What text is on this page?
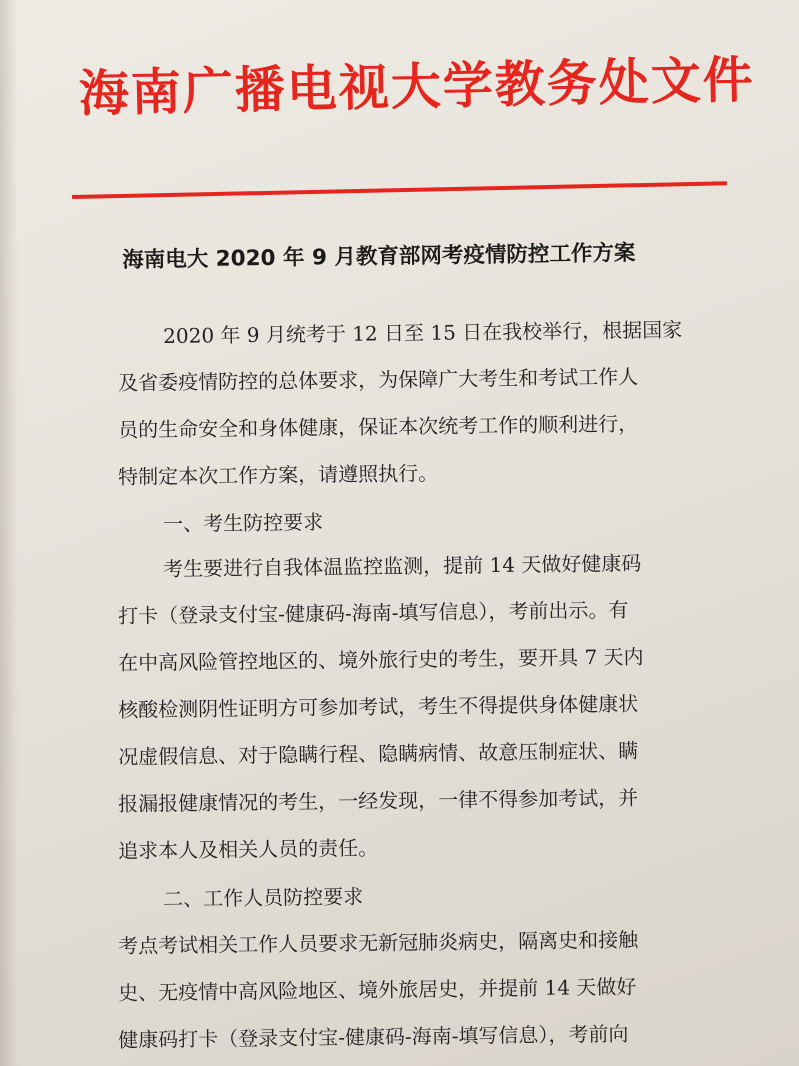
海南广播电视大学教务处文件
海南电大 2020 年 9 月教育部网考疫情防控工作方案
2020 年 9 月统考于 12 日至 15 日在我校举行，根据国家
及省委疫情防控的总体要求，为保障广大考生和考试工作人
员的生命安全和身体健康，保证本次统考工作的顺利进行，
特制定本次工作方案，请遵照执行。
一、考生防控要求
考生要进行自我体温监控监测，提前 14 天做好健康码
打卡（登录支付宝-健康码-海南-填写信息），考前出示。有
在中高风险管控地区的、境外旅行史的考生，要开具 7 天内
核酸检测阴性证明方可参加考试，考生不得提供身体健康状
况虚假信息、对于隐瞒行程、隐瞒病情、故意压制症状、瞒
报漏报健康情况的考生，一经发现，一律不得参加考试，并
追求本人及相关人员的责任。
二、工作人员防控要求
考点考试相关工作人员要求无新冠肺炎病史，隔离史和接触
史、无疫情中高风险地区、境外旅居史，并提前 14 天做好
健康码打卡（登录支付宝-健康码-海南-填写信息），考前向
